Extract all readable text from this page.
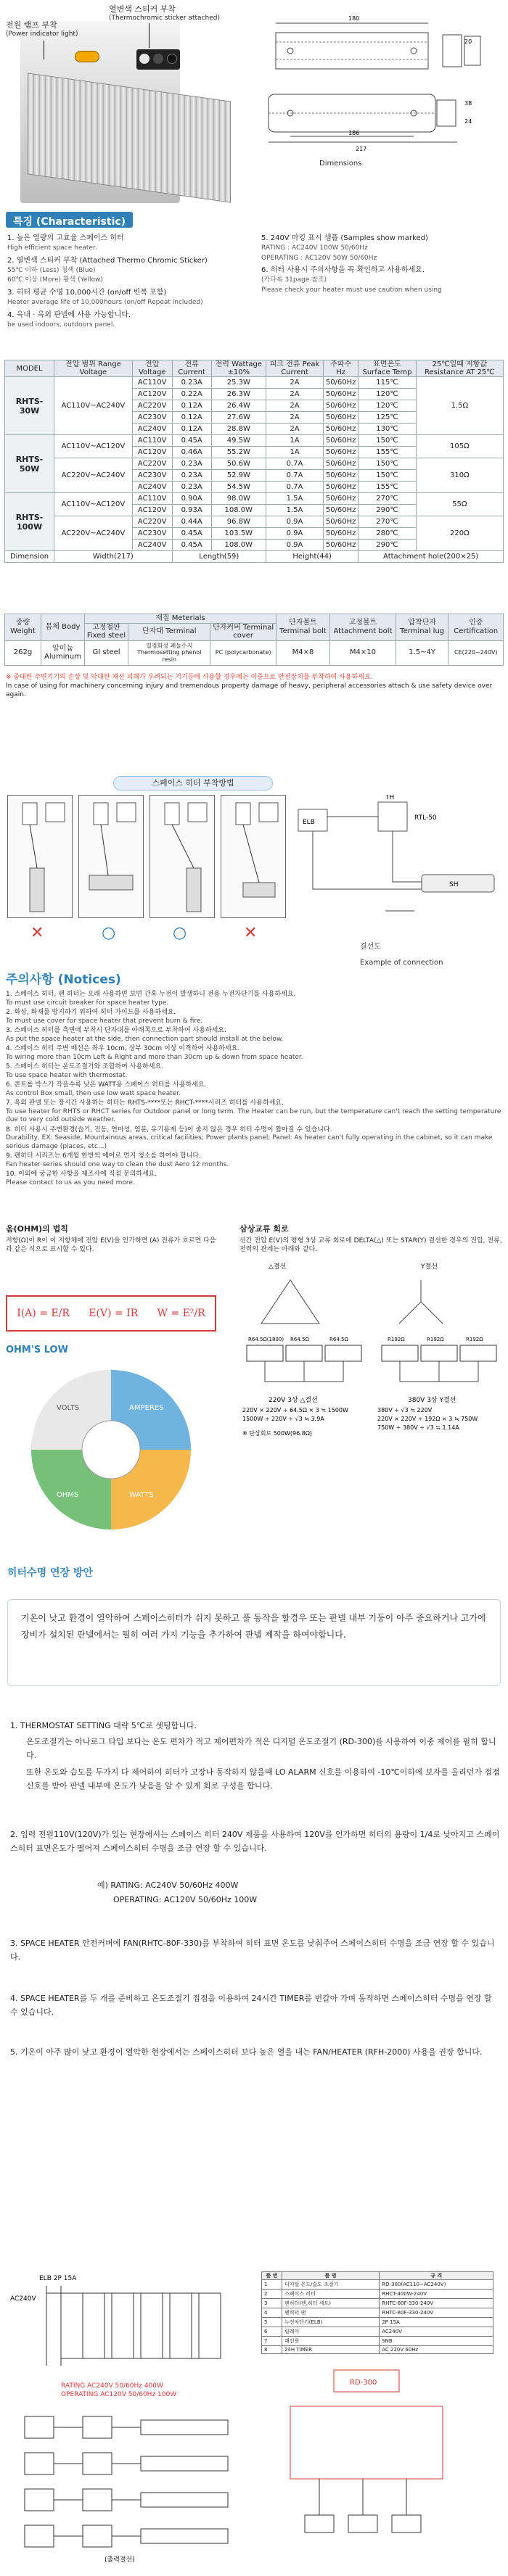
전원 램프 부착
(Power indicator light)
열변색 스티커 부착
(Thermochromic sticker attached)	180
186
217
20
38
24
Dimensions
특징 (Characteristic)
1. 높은 열량의 고효율 스페이스 히터
High efficient space heater.
2. 열변색 스티커 부착 (Attached Thermo Chromic Sticker)
55℃ 이하 (Less) 청색 (Blue)
60℃ 이상 (More) 황색 (Yellow)
3. 히터 평균 수명 10,000시간 (on/off 빈복 포함)
Heater average life of 10,000hours (on/off Repeat included)
4. 옥내 · 옥외 판넬에 사용 가능합니다.
be used indoors, outdoors panel.
5. 240V 마킹 표시 샘플 (Samples show marked)
RATING : AC240V 100W 50/60Hz
OPERATING : AC120V 50W 50/60Hz
6. 히터 사용시 주의사항을 꼭 확인하고 사용하세요.
(카다록 31page 참조)
Please check your heater must use caution when using
MODEL	전압 범위 Range Voltage	전압 Voltage	전류 Current	전력 Wattage ±10%	피크 전류 Peak Current	주파수 Hz	표면온도 Surface Temp	25℃일때 저항값 Resistance AT 25℃
RHTS-30W	AC110V~AC240V	AC110V	0.23A	25.3W	2A	50/60Hz	115℃	1.5Ω
		AC120V	0.22A	26.3W	2A	50/60Hz	120℃	
		AC220V	0.12A	26.4W	2A	50/60Hz	120℃	
		AC230V	0.12A	27.6W	2A	50/60Hz	125℃	
		AC240V	0.12A	28.8W	2A	50/60Hz	130℃	
RHTS-50W	AC110V~AC120V	AC110V	0.45A	49.5W	1A	50/60Hz	150℃	105Ω
		AC120V	0.46A	55.2W	1A	50/60Hz	155℃	
	AC220V~AC240V	AC220V	0.23A	50.6W	0.7A	50/60Hz	150℃	310Ω
		AC230V	0.23A	52.9W	0.7A	50/60Hz	150℃	
		AC240V	0.23A	54.5W	0.7A	50/60Hz	155℃	
RHTS-100W	AC110V~AC120V	AC110V	0.90A	98.0W	1.5A	50/60Hz	270℃	55Ω
		AC120V	0.93A	108.0W	1.5A	50/60Hz	290℃	
	AC220V~AC240V	AC220V	0.44A	96.8W	0.9A	50/60Hz	270℃	220Ω
		AC230V	0.45A	103.5W	0.9A	50/60Hz	280℃	
		AC240V	0.45A	108.0W	0.9A	50/60Hz	290℃	
Dimension	Width(217)		Length(59)		Height(44)		Attachment hole(200×25)	
중량 Weight	몸체 Body	재질 Meterials			단자볼트 Terminal bolt	고정볼트 Attachment bolt	압착단자 Terminal lug	인증 Certification
		고정철판 Fixed steel	단자대 Terminal	단자커버 Terminal cover				
262g	알미늄 Aluminum	GI steel	열경화성 폐놀수지 Thermosetting phenol resin	PC (polycarbonate)	M4×8	M4×10	1.5~4Y	CE(220~240V)
※ 중대한 주변기기의 손상 및 막대한 재산 피해가 우려되는 기기등에 사용할 경우에는 이중으로 안전장치를 부착하여 사용하세요.
In case of using for machinery concerning injury and tremendous property damage of heavy, peripheral accessories attach & use safety device over again.
스페이스 히터 부착방법
✕	○	○	✕
ELB
TH
RTL-50
SH
결선도

Example of connection
주의사항 (Notices)

1. 스페이스 히터, 팬 히터는 오래 사용하면 보면 간혹 누전이 발생하니 전용 누전차단기를 사용하세요.
To must use circuit breaker for space heater type.

2. 화상, 화재를 방지하기 위하여 히터 가이드를 사용하세요.
To must use cover for space heater that prevent burn & fire.

3. 스페이스 히터를 측면에 부착시 단자대를 아래쪽으로 부착하여 사용하세요.
As put the space heater at the side, then connection part should install at the below.

4. 스페이스 히터 주변 배선은 좌우 10cm, 상부 30cm 이상 이격하여 사용하세요.
To wiring more than 10cm Left & Right and more than 30cm up & down from space heater.

5. 스페이스 히터는 온도조절기와 조합하여 사용하세요.
To use space heater with thermostat.

6. 콘트롤 박스가 작을수록 낮은 WATT용 스페이스 히터를 사용하세요.
As control Box small, then use low watt space heater.

7. 옥외 판넬 또는 장시간 사용하는 히터는 RHTS-****또는 RHCT-****시리즈 히터를 사용하세요.
To use heater for RHTS or RHCT series for Outdoor panel or long term. The Heater can be run, but the temperature can't reach the setting temperature due to very cold outside weather.

8. 히터 사용시 주변환경(습기, 진동, 연마성, 염분, 유기용제 등)이 좋지 않은 경우 히터 수명이 짧아질 수 있습니다.
Durability, EX: Seaside, Mountainous areas, critical facilities; Power plants panel; Panel: As heater can't fully operating in the cabinet, so it can make serious damage (places, etc...)

9. 팬히터 시리즈는 6개월 한번씩 에어로 먼지 청소를 하여야 합니다.
Fan heater series should one way to clean the dust Aero 12 months.

10. 이외에 궁금한 사항을 제조사에 직접 문의하세요.
Please contact to us as you need more.

옴(OHM)의 법칙

저항(Ω)이 R이 이 저항체에 전압 E(V)을 인가하면 (A) 전류가 흐르면 다음과 같은 식으로 표시할 수 있다.

I(A) = E/R E(V) = IR W = E²/R
OHM'S LOW
AMPERES
WATTS
OHMS
VOLTS
삼상교류 회로

선간 전압 E(V)의 평형 3상 교류 회로에 DELTA(△) 또는 STAR(Y) 결선한 경우의 전압, 전류, 전력의 관계는 아래와 같다.

△결선	Y결선
R64.5Ω(1800) R64.5Ω	R64.5Ω	R192Ω	R192Ω	R192Ω
220V 3상 △결선
220V × 220V ÷ 64.5Ω × 3 ≒ 1500W
1500W ÷ 220V ÷ √3 ≒ 3.9A
380V 3상 Y결선
380V ÷ √3 ≒ 220V
220V × 220V ÷ 192Ω × 3 ≒ 750W
750W ÷ 380V ÷ √3 ≒ 1.14A
※ 단상회로 500W(96.8Ω)
히터수명 연장 방안
기온이 낮고 환경이 열악하여 스페이스히터가 쉬지 못하고 풀 동작을 할경우 또는 판넬 내부 기둥이 아주 중요하거나 고가에 장비가 설치된 판넬에서는 필히 여러 가지 기능을 추가하여 판넬 제작을 하여야합니다.
1. THERMOSTAT SETTING 대략 5℃로 셋팅합니다.
온도조절기는 아나로그 타입 보다는 온도 편차가 적고 제어편차가 적은 디지털 온도조절기 (RD-300)를 사용하여 이중 제어를 필히 합니다.
또한 온도와 습도를 두가지 다 제어하여 히터가 고장나 동작하지 않을때 LO ALARM 신호를 이용하여 -10℃이하에 보자를 올리던가 접점신호를 받아 판넬 내부에 온도가 낮음을 알 수 있게 회로 구성을 합니다.
2. 입력 전원110V(120V)가 있는 현장에서는 스페이스 히터 240V 제품을 사용하여 120V를 인가하면 히터의 용량이 1/4로 낮아지고 스페이스히터 표면온도가 떨어져 스페이스히터 수명을 조금 연장 할 수 있습니다.
예) RATING: AC240V 50/60Hz 400W
OPERATING: AC120V 50/60Hz 100W
3. SPACE HEATER 안전커버에 FAN(RHTC-80F-330)를 부착하여 히터 표면 온도를 낮춰주어 스페이스히터 수명을 조금 연장 할 수 있습니다.
4. SPACE HEATER를 두 개를 준비하고 온도조절기 접점을 이용하여 24시간 TIMER를 번갈아 가며 동작하면 스페이스히터 수명을 연장 할 수 있습니다.
5. 기온이 아주 많이 낮고 환경이 열악한 현장에서는 스페이스히터 보다 높은 열을 내는 FAN/HEATER (RFH-2000) 사용을 권장 합니다.
ELB 2P 15A
AC240V
RATING AC240V 50/60Hz 400W
OPERATING AC120V 50/60Hz 100W
(출력결선)
품 번	품 명	규 격
1	디지털 온도/습도 조절기	RD-300(AC110~AC240V)
2	스페이스 히터	RHCT-400W-240V
3	팬히터(팬,히터 세트)	RHTC-80F-330-240V
4	팬히터 팬	RHTC-80F-330-240V
5	누전차단기(ELB)	2P 15A
6	릴레이	AC240V
7	배선용	SNB
8	24H TIMER	AC 220V 60Hz
RD-300
